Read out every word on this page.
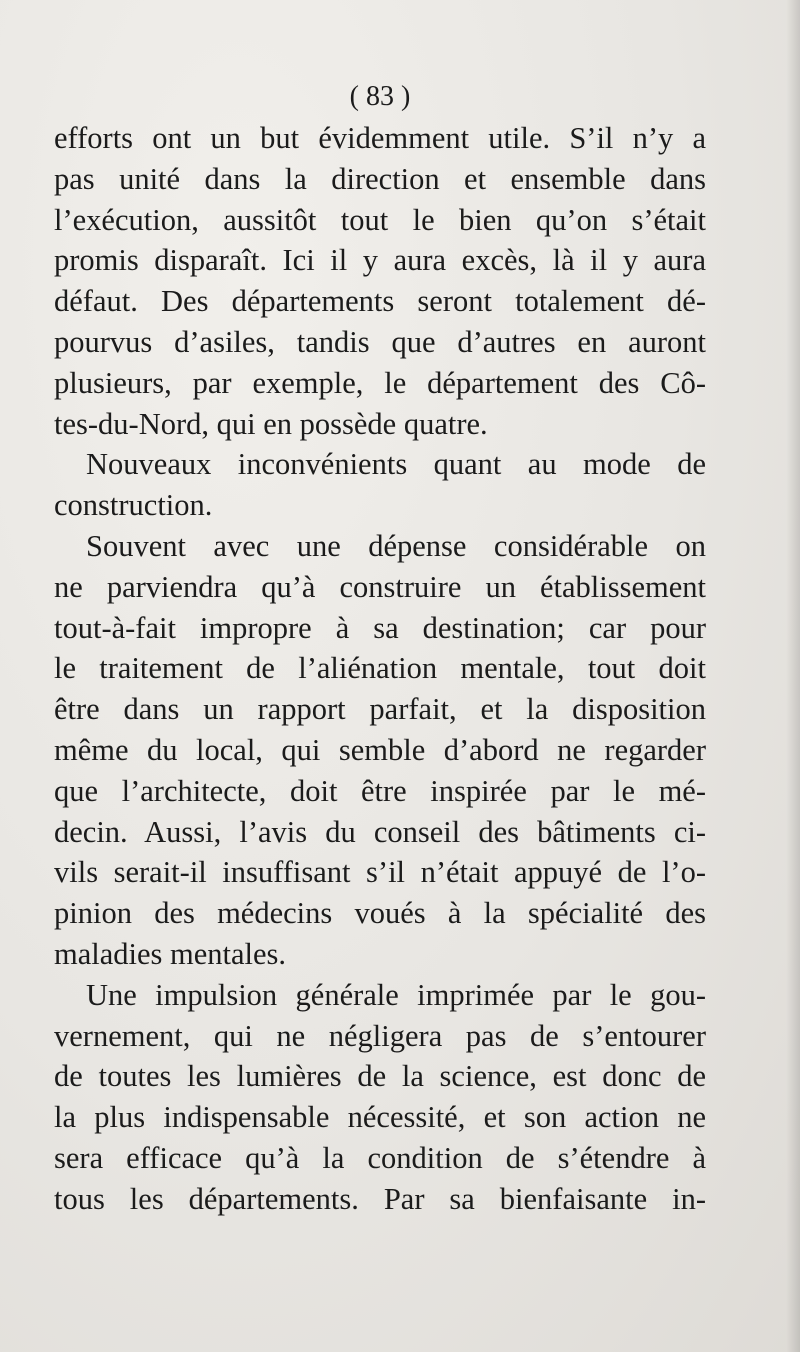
( 83 )
efforts ont un but évidemment utile. S’il n’y a
pas unité dans la direction et ensemble dans
l’exécution, aussitôt tout le bien qu’on s’était
promis disparaît. Ici il y aura excès, là il y aura
défaut. Des départements seront totalement dé-
pourvus d’asiles, tandis que d’autres en auront
plusieurs, par exemple, le département des Cô-
tes-du-Nord, qui en possède quatre.
Nouveaux inconvénients quant au mode de
construction.
Souvent avec une dépense considérable on
ne parviendra qu’à construire un établissement
tout-à-fait impropre à sa destination; car pour
le traitement de l’aliénation mentale, tout doit
être dans un rapport parfait, et la disposition
même du local, qui semble d’abord ne regarder
que l’architecte, doit être inspirée par le mé-
decin. Aussi, l’avis du conseil des bâtiments ci-
vils serait-il insuffisant s’il n’était appuyé de l’o-
pinion des médecins voués à la spécialité des
maladies mentales.
Une impulsion générale imprimée par le gou-
vernement, qui ne négligera pas de s’entourer
de toutes les lumières de la science, est donc de
la plus indispensable nécessité, et son action ne
sera efficace qu’à la condition de s’étendre à
tous les départements. Par sa bienfaisante in-
